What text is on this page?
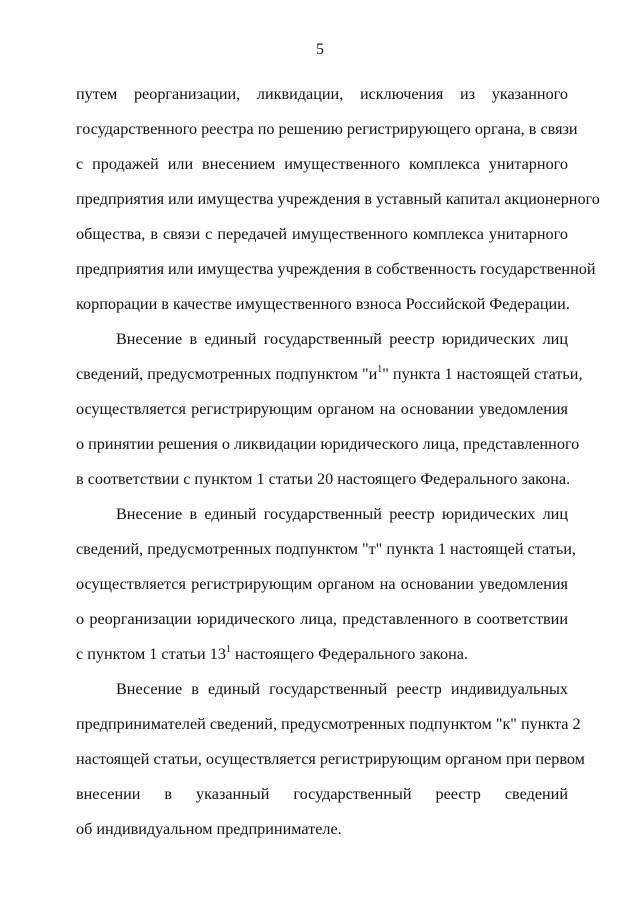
5
путем реорганизации, ликвидации, исключения из указанного
государственного реестра по решению регистрирующего органа, в связи
с продажей или внесением имущественного комплекса унитарного
предприятия или имущества учреждения в уставный капитал акционерного
общества, в связи с передачей имущественного комплекса унитарного
предприятия или имущества учреждения в собственность государственной
корпорации в качестве имущественного взноса Российской Федерации.
Внесение в единый государственный реестр юридических лиц
сведений, предусмотренных подпунктом "$и^1$" пункта 1 настоящей статьи,
осуществляется регистрирующим органом на основании уведомления
о принятии решения о ликвидации юридического лица, представленного
в соответствии с пунктом 1 статьи 20 настоящего Федерального закона.
Внесение в единый государственный реестр юридических лиц
сведений, предусмотренных подпунктом "т" пункта 1 настоящей статьи,
осуществляется регистрирующим органом на основании уведомления
о реорганизации юридического лица, представленного в соответствии
с пунктом 1 статьи $13^1$ настоящего Федерального закона.
Внесение в единый государственный реестр индивидуальных
предпринимателей сведений, предусмотренных подпунктом "к" пункта 2
настоящей статьи, осуществляется регистрирующим органом при первом
внесении в указанный государственный реестр сведений
об индивидуальном предпринимателе.
